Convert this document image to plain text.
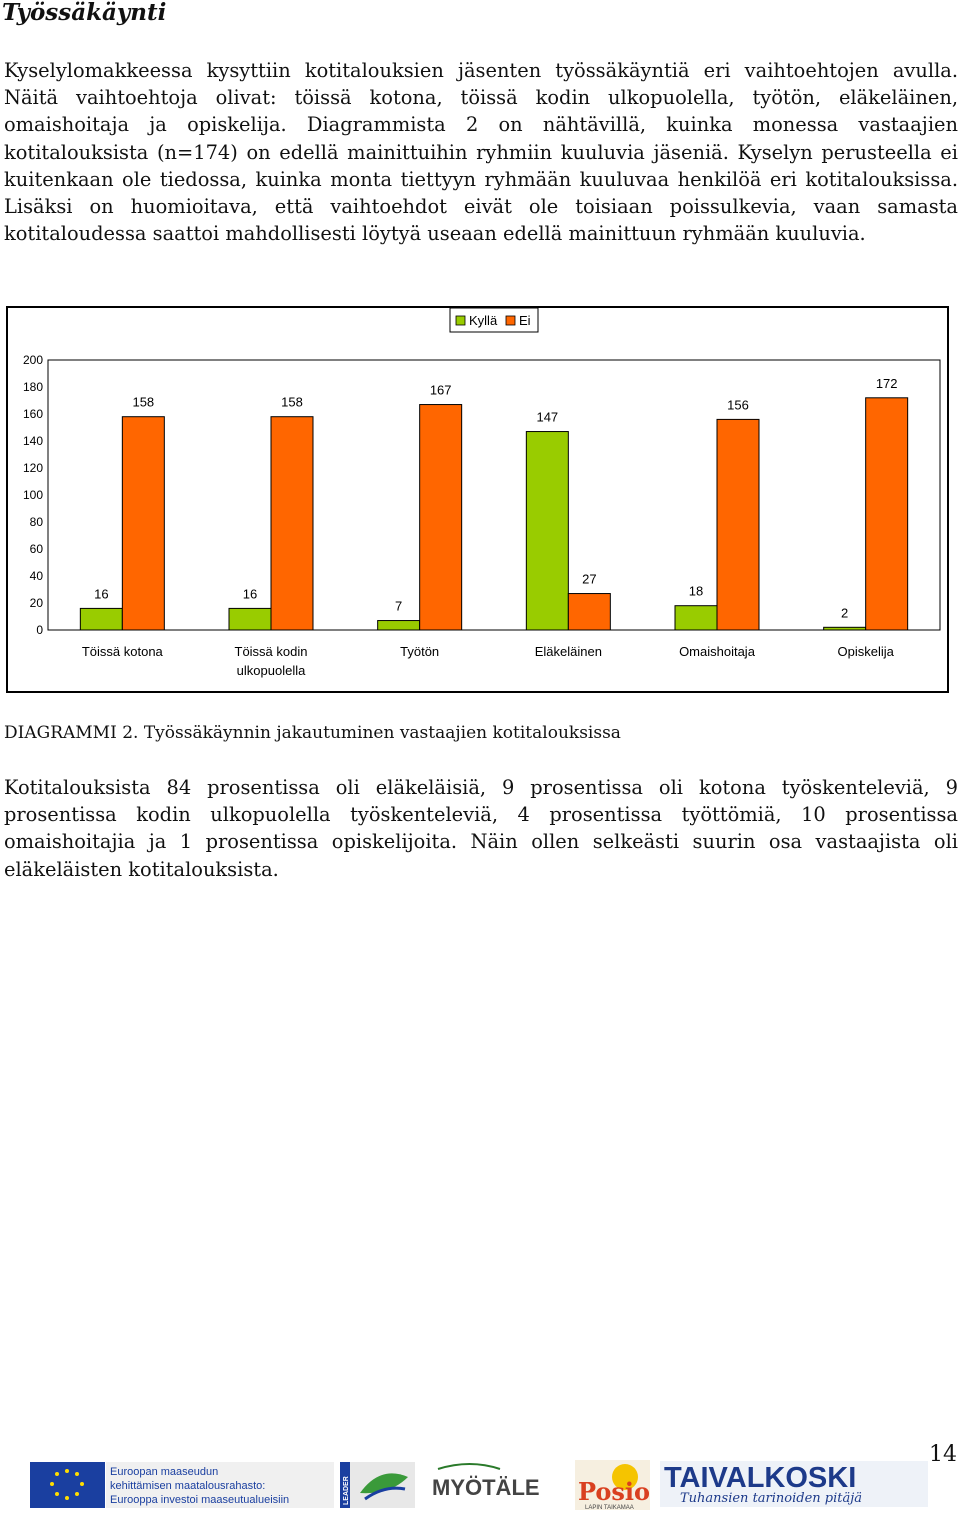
Työssäkäynti

Kyselylomakkeessa kysyttiin kotitalouksien jäsenten työssäkäyntiä eri vaihtoehtojen avulla. Näitä vaihtoehtoja olivat: töissä kotona, töissä kodin ulkopuolella, työtön, eläkeläinen, omaishoitaja ja opiskelija. Diagrammista 2 on nähtävillä, kuinka monessa vastaajien kotitalouksista (n=174) on edellä mainittuihin ryhmiin kuuluvia jäseniä. Kyselyn perusteella ei kuitenkaan ole tiedossa, kuinka monta tiettyyn ryhmään kuuluvaa henkilöä eri kotitalouksissa. Lisäksi on huomioitava, että vaihtoehdot eivät ole toisiaan poissulkevia, vaan samasta kotitaloudessa saattoi mahdollisesti löytyä useaan edellä mainittuun ryhmään kuuluvia.

Kyllä Ei
0
20
40
60
80
100
120
140
160
180
200
16
158
16
158
7
167
147
27
18
156
2
172
Töissä kotona	Töissä kodin ulkopuolella
Työtön	Eläkeläinen	Omaishoitaja	Opiskelija
DIAGRAMMI 2. Työssäkäynnin jakautuminen vastaajien kotitalouksissa

Kotitalouksista 84 prosentissa oli eläkeläisiä, 9 prosentissa oli kotona työskenteleviä, 9 prosentissa kodin ulkopuolella työskenteleviä, 4 prosentissa työttömiä, 10 prosentissa omaishoitajia ja 1 prosentissa opiskelijoita. Näin ollen selkeästi suurin osa vastaajista oli eläkeläisten kotitalouksista.

14
Euroopan maaseudun
kehittämisen maatalousrahasto:
Eurooppa investoi maaseutualueisiin	LEADER	MYÖTÄLE Posio
LAPIN TAIKAMAA
TAIVALKOSKI
Tuhansien tarinoiden pitäjä
